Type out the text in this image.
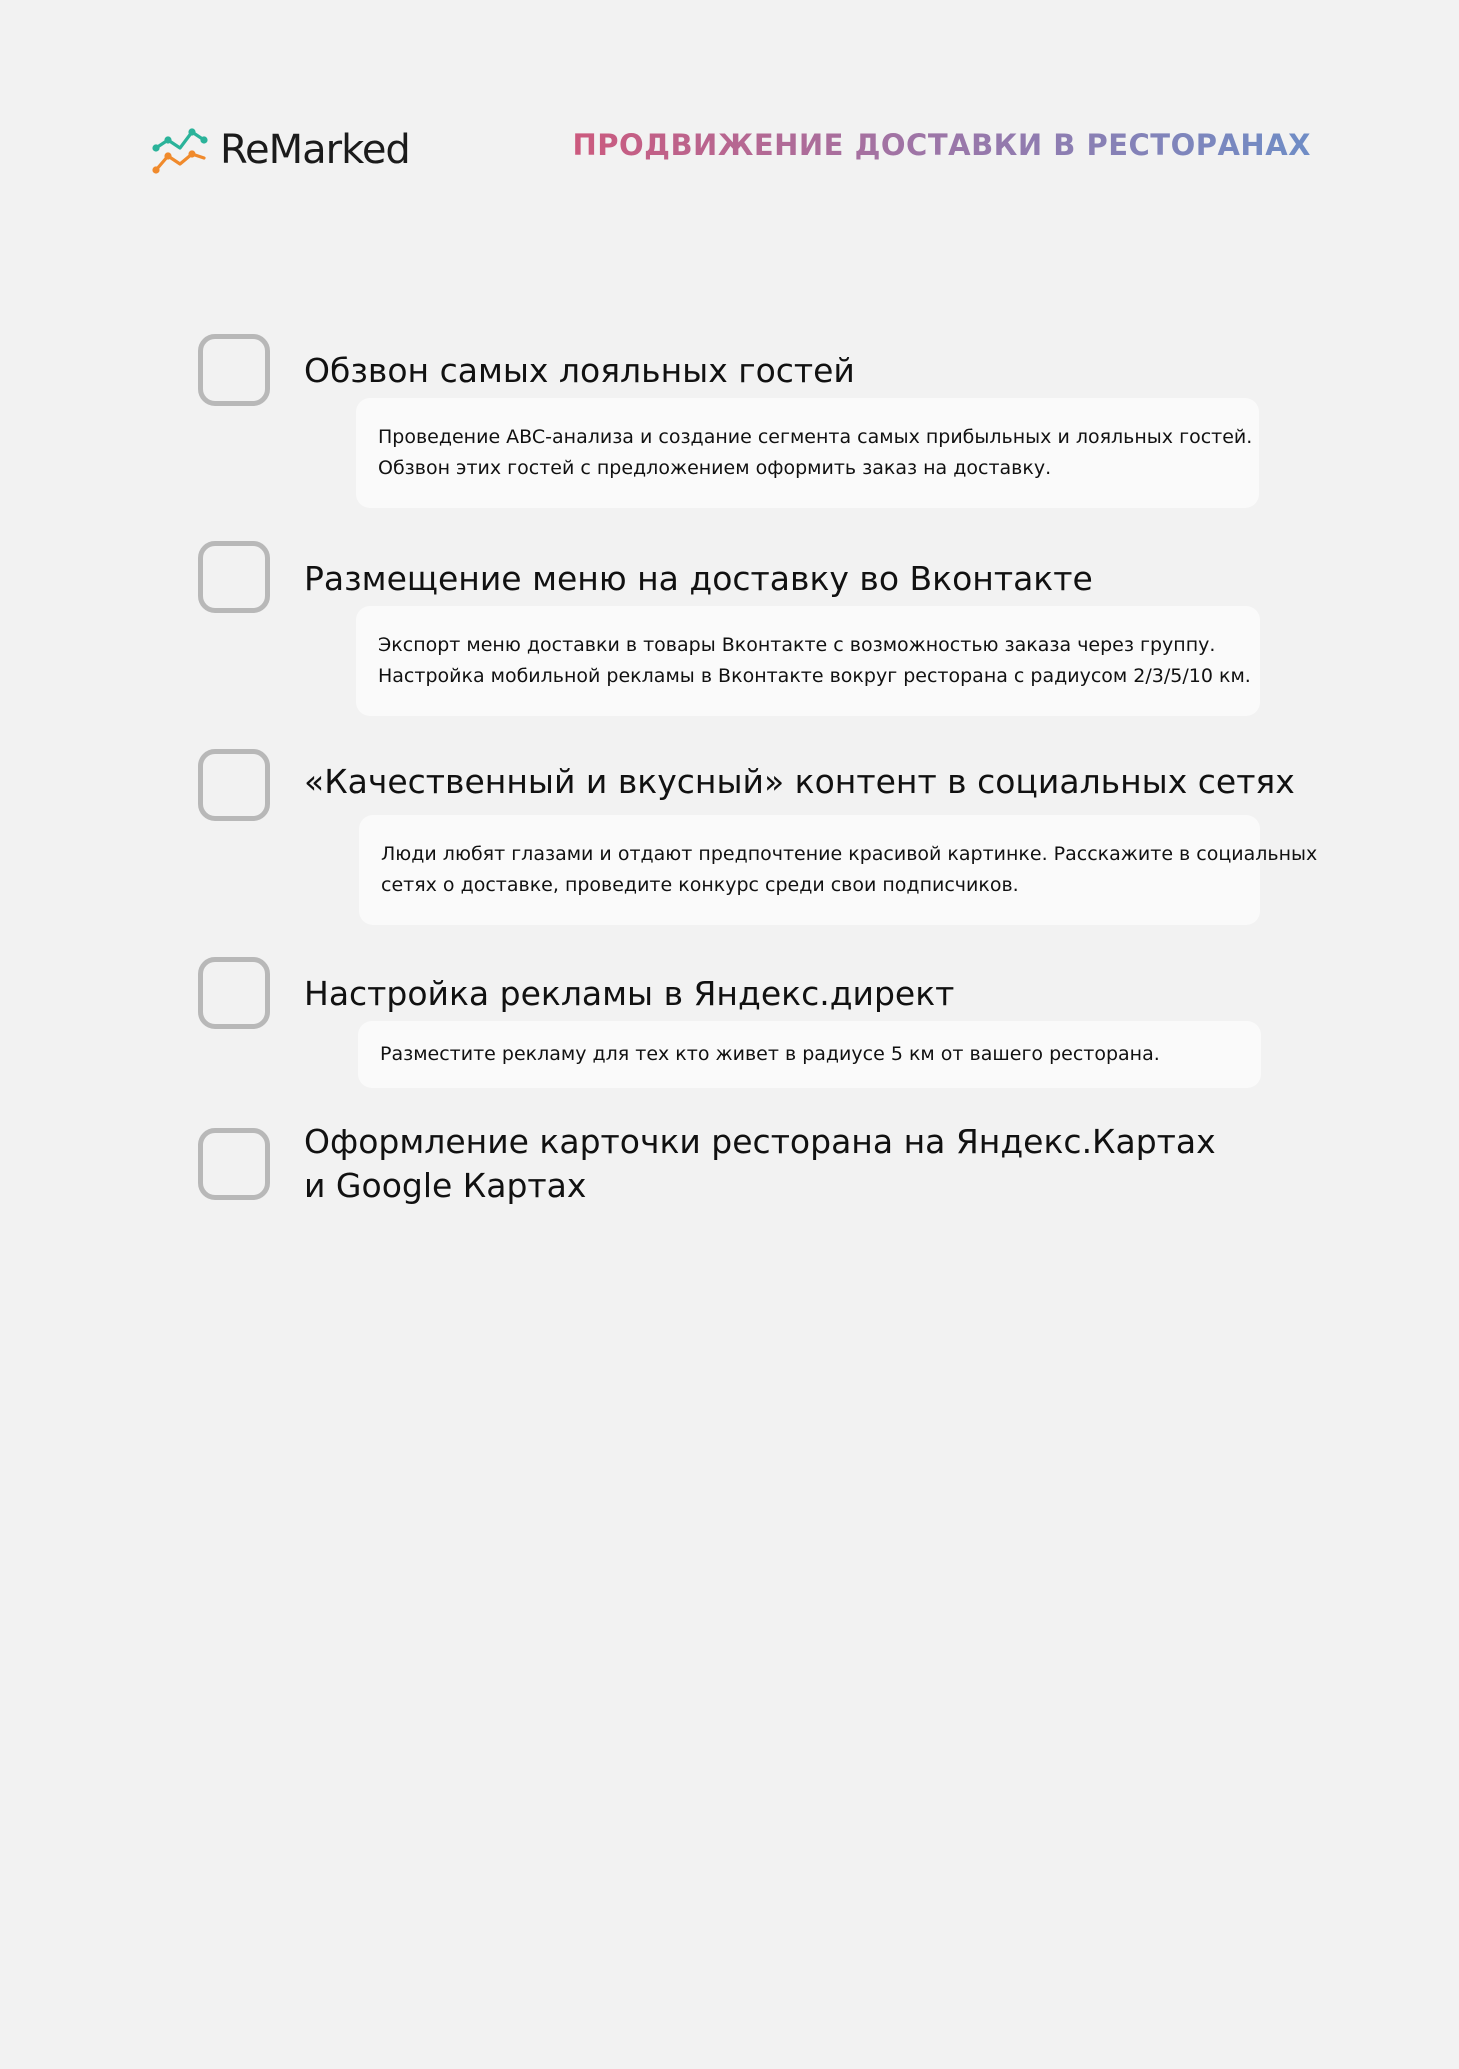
ReMarked	ПРОДВИЖЕНИЕ ДОСТАВКИ В РЕСТОРАНАХ
Обзвон самых лояльных гостей
Проведение ABC-анализа и создание сегмента самых прибыльных и лояльных гостей.
Обзвон этих гостей с предложением оформить заказ на доставку.
Размещение меню на доставку во Вконтакте
Экспорт меню доставки в товары Вконтакте с возможностью заказа через группу.
Настройка мобильной рекламы в Вконтакте вокруг ресторана с радиусом 2/3/5/10 км.
«Качественный и вкусный» контент в социальных сетях
Люди любят глазами и отдают предпочтение красивой картинке. Расскажите в социальных
сетях о доставке, проведите конкурс среди свои подписчиков.
Настройка рекламы в Яндекс.директ
Разместите рекламу для тех кто живет в радиусе 5 км от вашего ресторана.
Оформление карточки ресторана на Яндекс.Картах
и Google Картах
